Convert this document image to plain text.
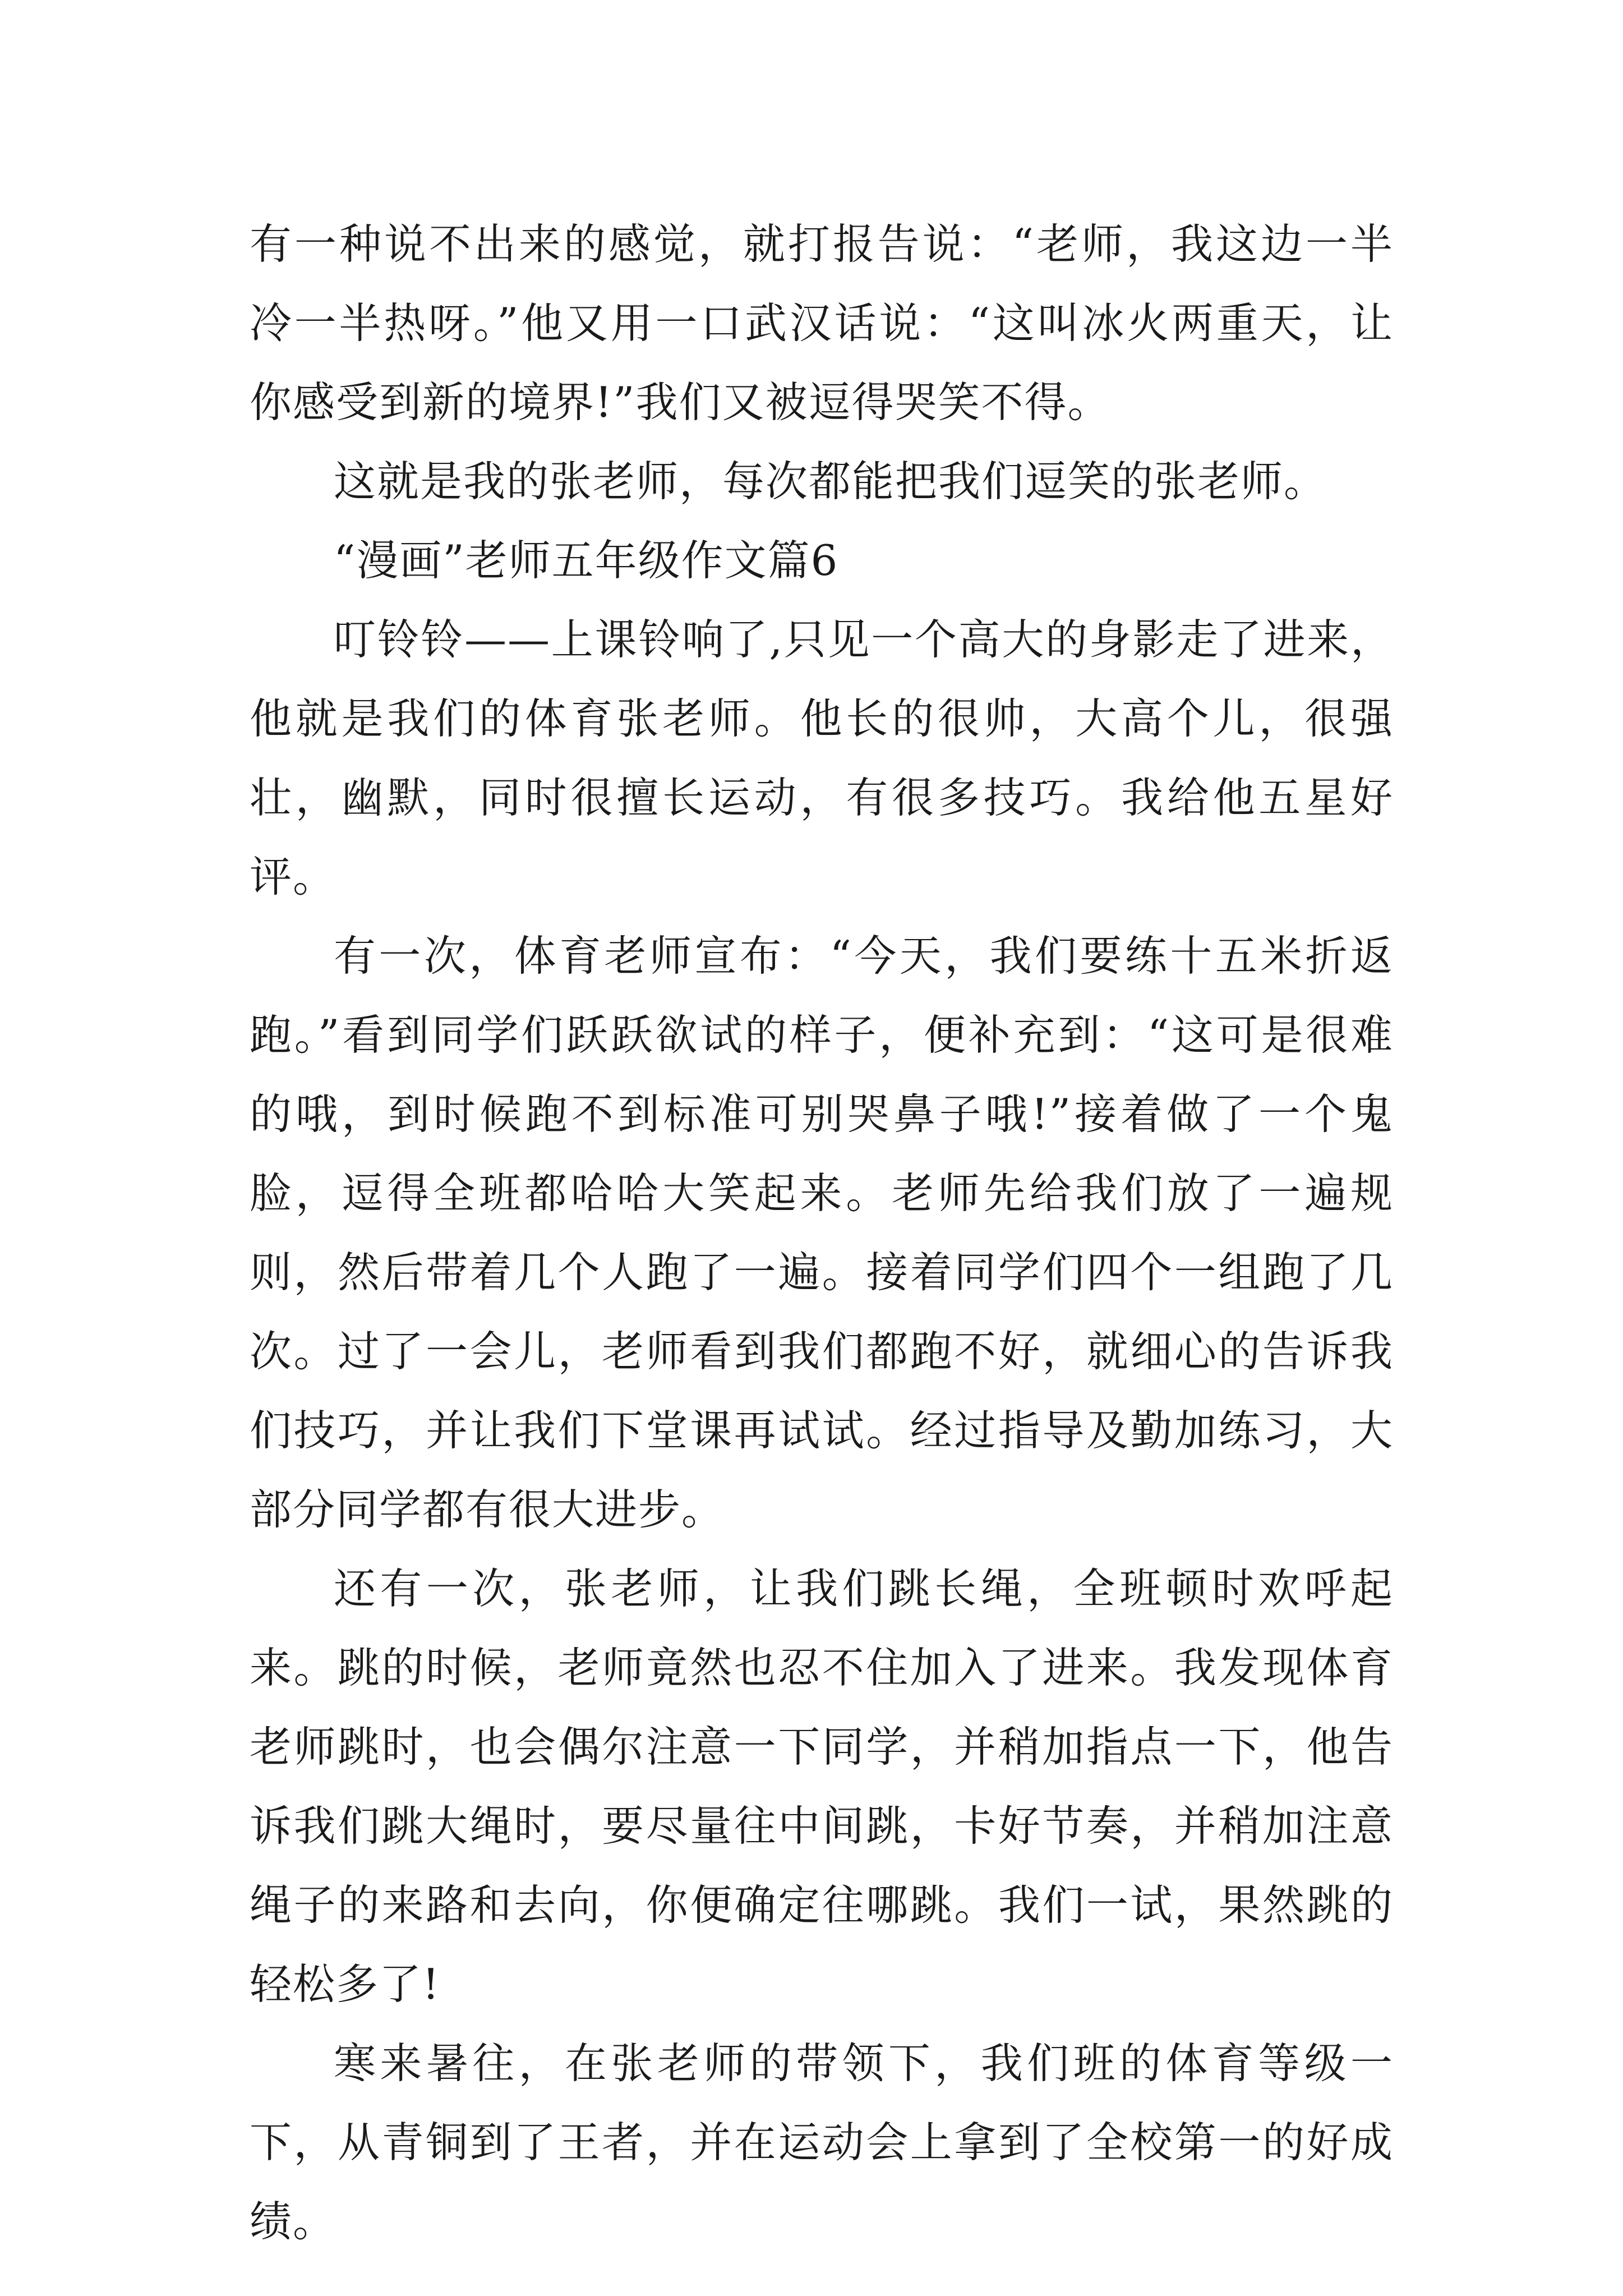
有一种说不出来的感觉，就打报告说：“老师，我这边一半冷一半热呀。”他又用一口武汉话说：“这叫冰火两重天，让你感受到新的境界!”我们又被逗得哭笑不得。

这就是我的张老师，每次都能把我们逗笑的张老师。

“漫画”老师五年级作文篇6

叮铃铃——上课铃响了,只见一个高大的身影走了进来，他就是我们的体育张老师。他长的很帅，大高个儿，很强壮，幽默，同时很擅长运动，有很多技巧。我给他五星好评。

有一次，体育老师宣布：“今天，我们要练十五米折返跑。”看到同学们跃跃欲试的样子，便补充到：“这可是很难的哦，到时候跑不到标准可别哭鼻子哦!”接着做了一个鬼脸，逗得全班都哈哈大笑起来。老师先给我们放了一遍规则，然后带着几个人跑了一遍。接着同学们四个一组跑了几次。过了一会儿，老师看到我们都跑不好，就细心的告诉我们技巧，并让我们下堂课再试试。经过指导及勤加练习，大部分同学都有很大进步。

还有一次，张老师，让我们跳长绳，全班顿时欢呼起来。跳的时候，老师竟然也忍不住加入了进来。我发现体育老师跳时，也会偶尔注意一下同学，并稍加指点一下，他告诉我们跳大绳时，要尽量往中间跳，卡好节奏，并稍加注意绳子的来路和去向，你便确定往哪跳。我们一试，果然跳的轻松多了!

寒来暑往，在张老师的带领下，我们班的体育等级一下，从青铜到了王者，并在运动会上拿到了全校第一的好成绩。
